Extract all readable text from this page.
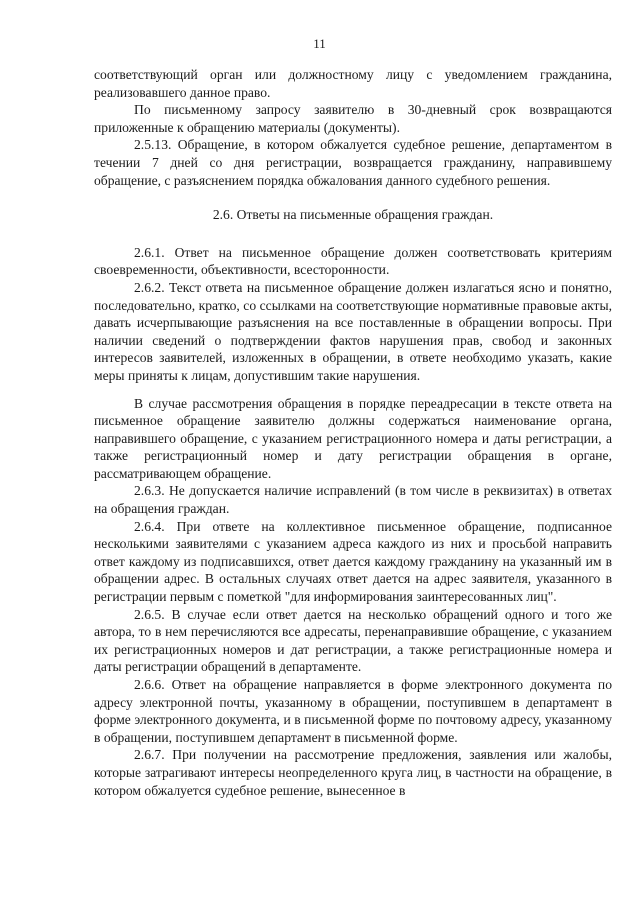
11

соответствующий орган или должностному лицу с уведомлением гражданина, реализовавшего данное право.

По письменному запросу заявителю в 30-дневный срок возвращаются приложенные к обращению материалы (документы).

2.5.13. Обращение, в котором обжалуется судебное решение, департаментом в течении 7 дней со дня регистрации, возвращается гражданину, направившему обращение, с разъяснением порядка обжалования данного судебного решения.

2.6. Ответы на письменные обращения граждан.

2.6.1. Ответ на письменное обращение должен соответствовать критериям своевременности, объективности, всесторонности.

2.6.2. Текст ответа на письменное обращение должен излагаться ясно и понятно, последовательно, кратко, со ссылками на соответствующие нормативные правовые акты, давать исчерпывающие разъяснения на все поставленные в обращении вопросы. При наличии сведений о подтверждении фактов нарушения прав, свобод и законных интересов заявителей, изложенных в обращении, в ответе необходимо указать, какие меры приняты к лицам, допустившим такие нарушения.

В случае рассмотрения обращения в порядке переадресации в тексте ответа на письменное обращение заявителю должны содержаться наименование органа, направившего обращение, с указанием регистрационного номера и даты регистрации, а также регистрационный номер и дату регистрации обращения в органе, рассматривающем обращение.

2.6.3. Не допускается наличие исправлений (в том числе в реквизитах) в ответах на обращения граждан.

2.6.4. При ответе на коллективное письменное обращение, подписанное несколькими заявителями с указанием адреса каждого из них и просьбой направить ответ каждому из подписавшихся, ответ дается каждому гражданину на указанный им в обращении адрес. В остальных случаях ответ дается на адрес заявителя, указанного в регистрации первым с пометкой "для информирования заинтересованных лиц".

2.6.5. В случае если ответ дается на несколько обращений одного и того же автора, то в нем перечисляются все адресаты, перенаправившие обращение, с указанием их регистрационных номеров и дат регистрации, а также регистрационные номера и даты регистрации обращений в департаменте.

2.6.6. Ответ на обращение направляется в форме электронного документа по адресу электронной почты, указанному в обращении, поступившем в департамент в форме электронного документа, и в письменной форме по почтовому адресу, указанному в обращении, поступившем департамент в письменной форме.

2.6.7. При получении на рассмотрение предложения, заявления или жалобы, которые затрагивают интересы неопределенного круга лиц, в частности на обращение, в котором обжалуется судебное решение, вынесенное в
